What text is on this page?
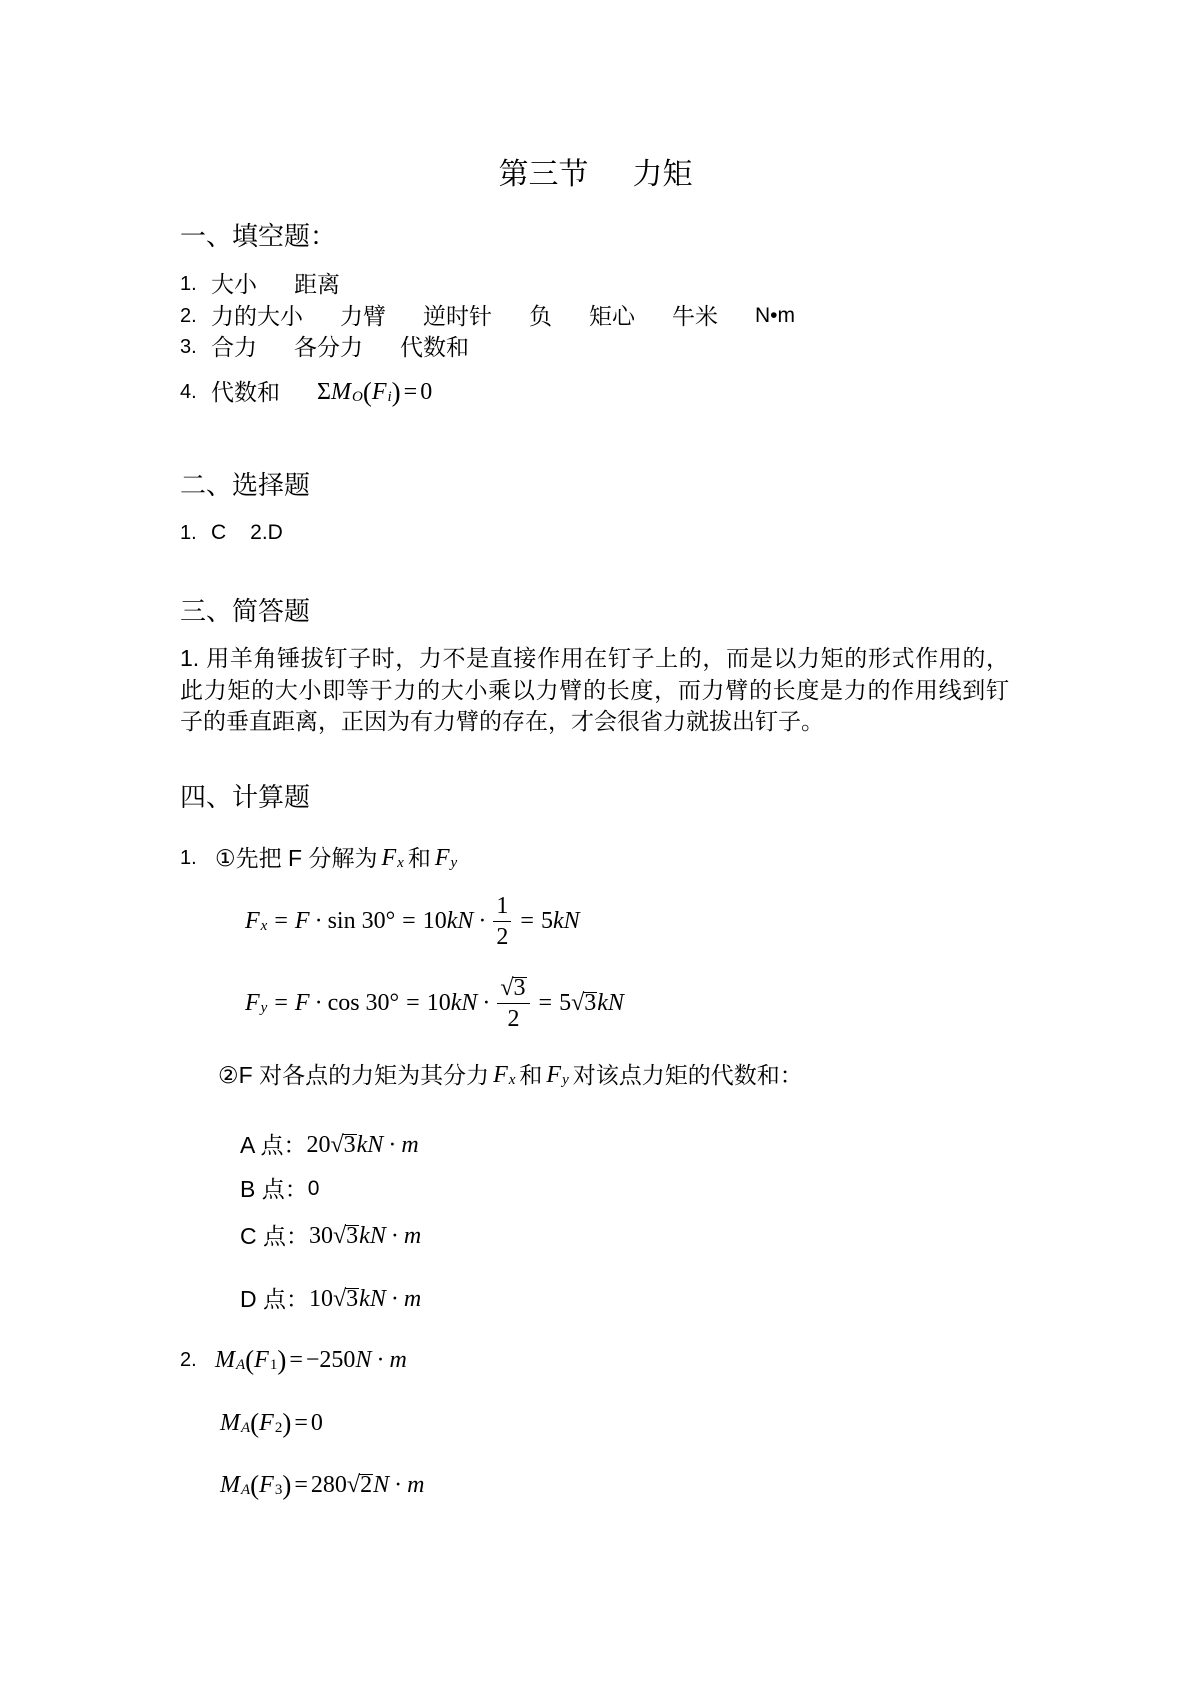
第三节 力矩
一、填空题：
1. 大小 距离
2. 力的大小 力臂 逆时针 负 矩心 牛米 N•m
3. 合力 各分力 代数和
4. 代数和 Σ M O ( F i ) = 0
二、选择题
1. C 2.D
三、简答题
1. 用羊角锤拔钉子时，力不是直接作用在钉子上的，而是以力矩的形式作用的，
此力矩的大小即等于力的大小乘以力臂的长度，而力臂的长度是力的作用线到钉
子的垂直距离，正因为有力臂的存在，才会很省力就拔出钉子。
四、计算题
1. ① 先把 F 分解为 F x 和 F y
F x = F · sin 30° = 10 kN · $\frac{1}{2} = 5$ kN
F y = F · cos 30° = 10 kN · $\frac{√ 3}{2} = 5$ √ 3 kN
② F 对各点的力矩为其分力 F x 和 F y 对该点力矩的代数和：
A 点： 20 √ 3 kN · m
B 点： 0
C 点： 30 √ 3 kN · m
D 点： 10 √ 3 kN · m
2. M A ( F 1 ) = −250 N · m
M A ( F 2 ) = 0
M A ( F 3 ) = 280 √ 2 N · m
